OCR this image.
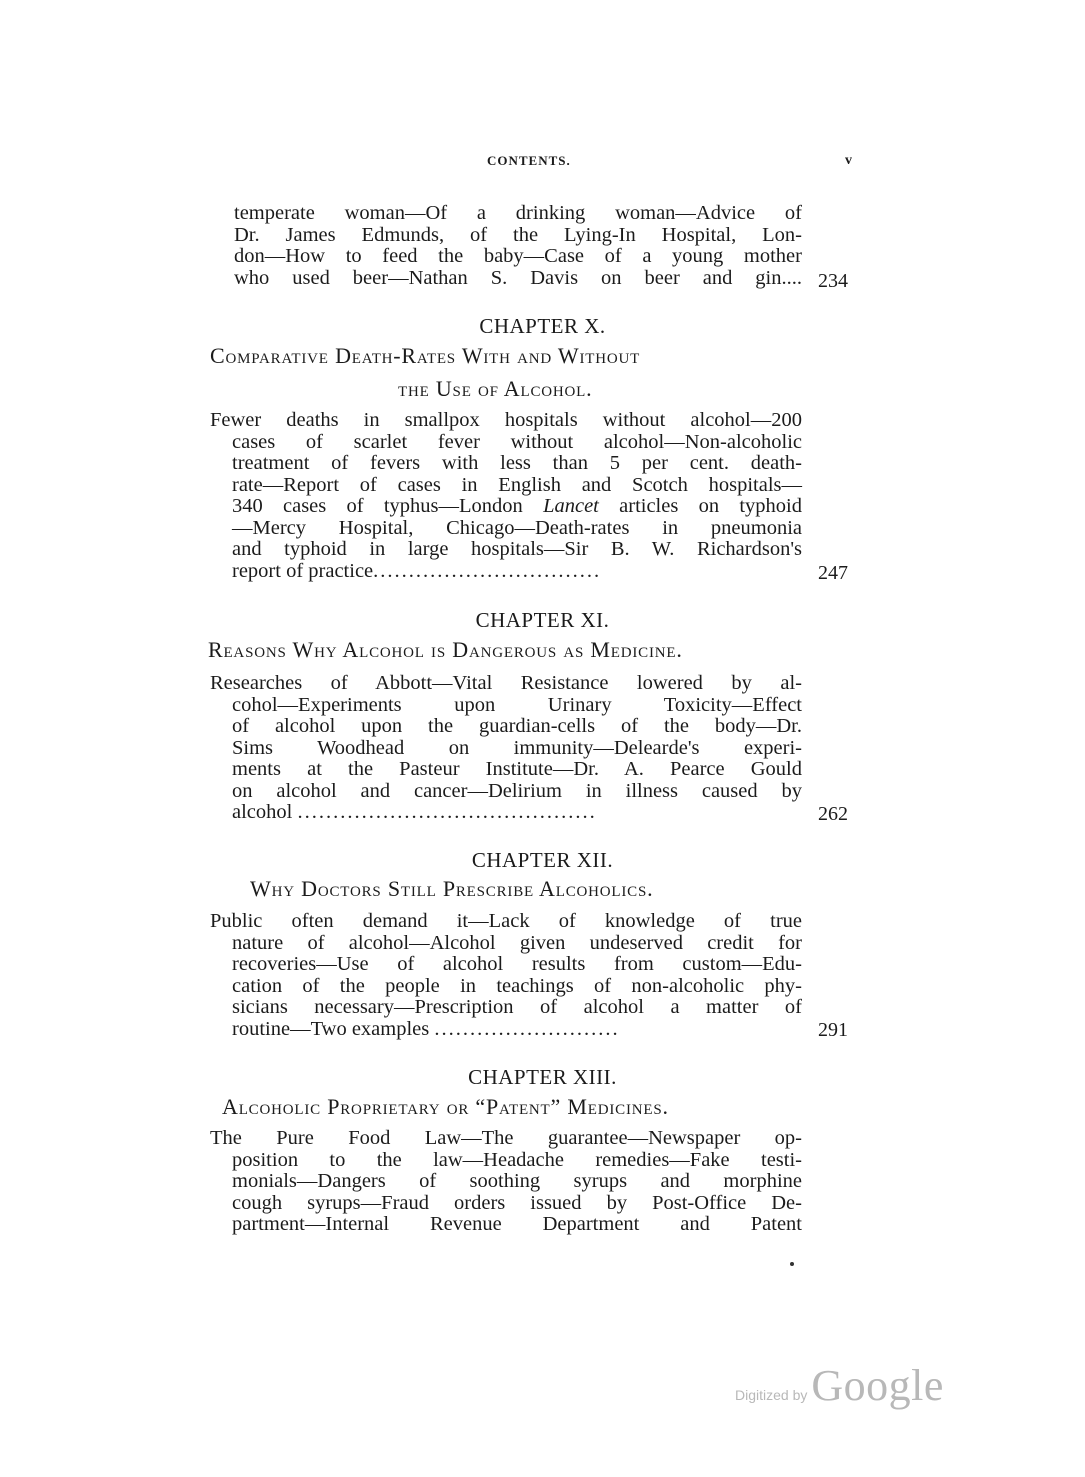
CONTENTS.	v
temperate woman—Of a drinking woman—Advice of
Dr. James Edmunds, of the Lying-In Hospital, Lon-
don—How to feed the baby—Case of a young mother
who used beer—Nathan S. Davis on beer and gin.... 234
CHAPTER X.
Comparative Death-Rates With and Without
the Use of Alcohol.
Fewer deaths in smallpox hospitals without alcohol—200
cases of scarlet fever without alcohol—Non-alcoholic
treatment of fevers with less than 5 per cent. death-
rate—Report of cases in English and Scotch hospitals—
340 cases of typhus—London Lancet articles on typhoid
—Mercy Hospital, Chicago—Death-rates in pneumonia
and typhoid in large hospitals—Sir B. W. Richardson's
report of practice................................	247
CHAPTER XI.
Reasons Why Alcohol is Dangerous as Medicine.
Researches of Abbott—Vital Resistance lowered by al-
cohol—Experiments upon Urinary Toxicity—Effect
of alcohol upon the guardian-cells of the body—Dr.
Sims Woodhead on immunity—Delearde's experi-
ments at the Pasteur Institute—Dr. A. Pearce Gould
on alcohol and cancer—Delirium in illness caused by
alcohol ..........................................	262
CHAPTER XII.
Why Doctors Still Prescribe Alcoholics.
Public often demand it—Lack of knowledge of true
nature of alcohol—Alcohol given undeserved credit for
recoveries—Use of alcohol results from custom—Edu-
cation of the people in teachings of non-alcoholic phy-
sicians necessary—Prescription of alcohol a matter of
routine—Two examples ..........................	291
CHAPTER XIII.
Alcoholic Proprietary or “Patent” Medicines.
The Pure Food Law—The guarantee—Newspaper op-
position to the law—Headache remedies—Fake testi-
monials—Dangers of soothing syrups and morphine
cough syrups—Fraud orders issued by Post-Office De-
partment—Internal Revenue Department and Patent
Digitized by Google
